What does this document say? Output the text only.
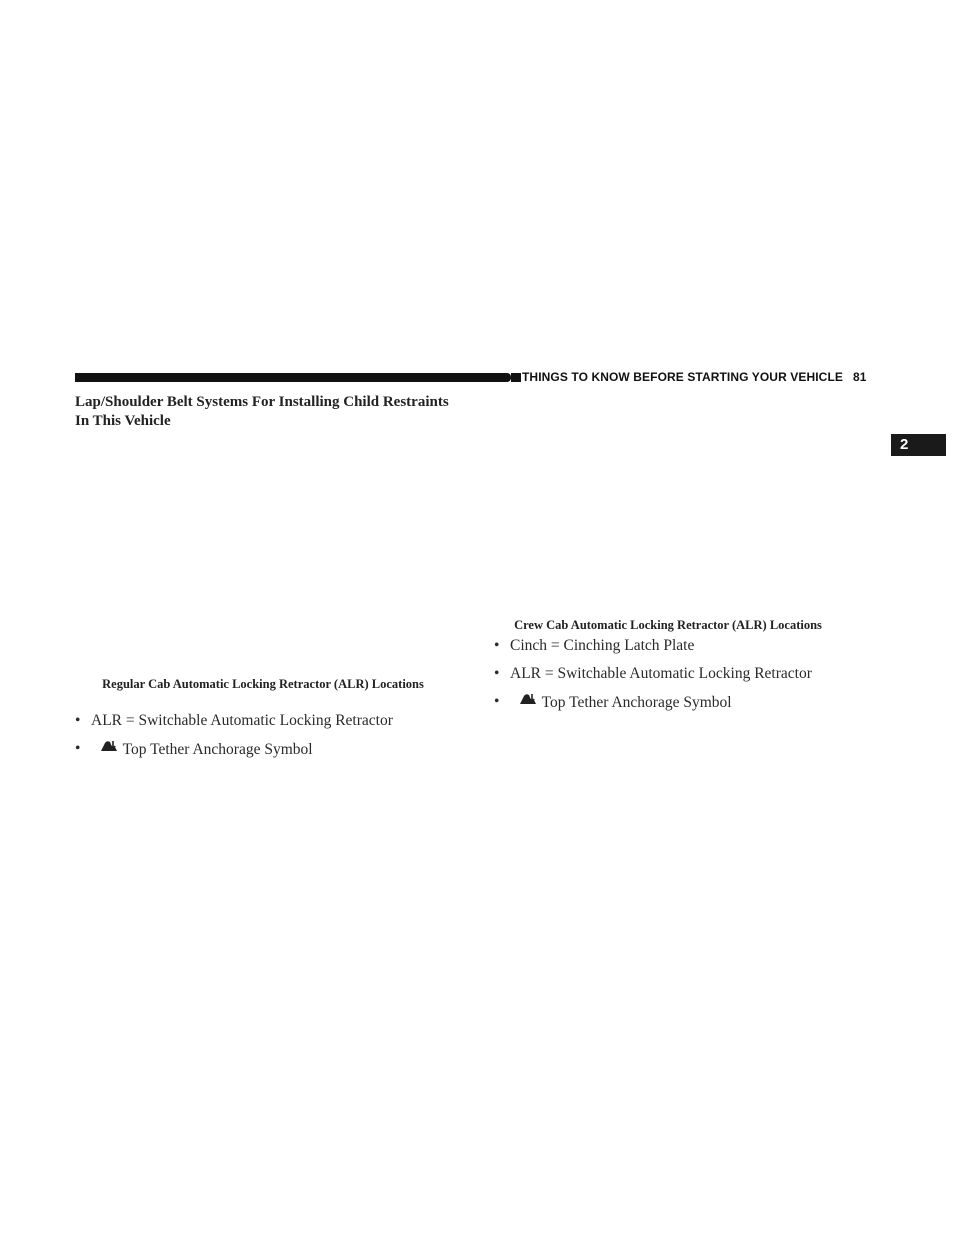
THINGS TO KNOW BEFORE STARTING YOUR VEHICLE 81
2
Lap/Shoulder Belt Systems For Installing Child Restraints In This Vehicle
Regular Cab Automatic Locking Retractor (ALR) Locations
• ALR = Switchable Automatic Locking Retractor
•	Top Tether Anchorage Symbol
Crew Cab Automatic Locking Retractor (ALR) Locations
• Cinch = Cinching Latch Plate
• ALR = Switchable Automatic Locking Retractor
•	Top Tether Anchorage Symbol
